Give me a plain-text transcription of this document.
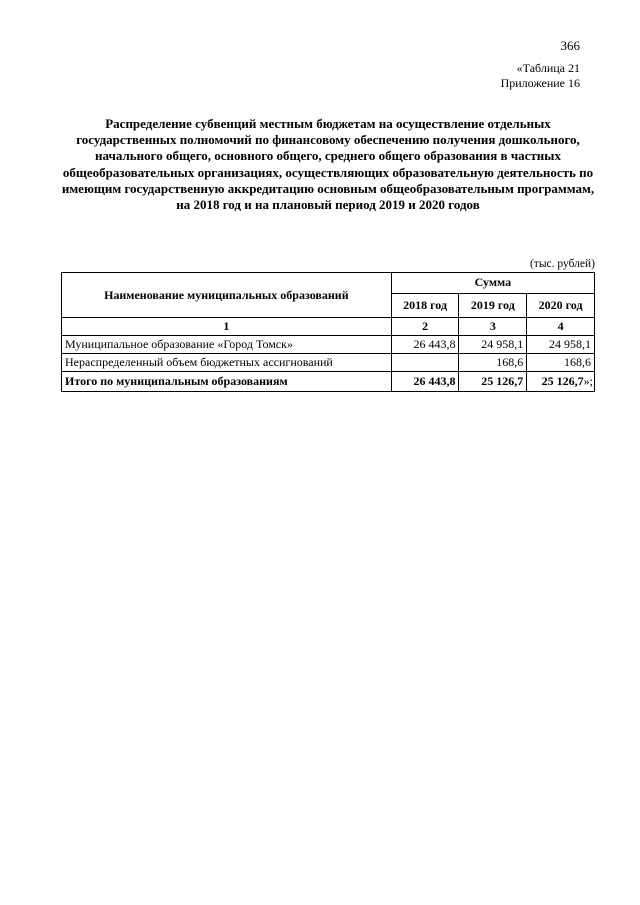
366
«Таблица 21
Приложение 16
Распределение субвенций местным бюджетам на осуществление отдельных государственных полномочий по финансовому обеспечению получения дошкольного, начального общего, основного общего, среднего общего образования в частных общеобразовательных организациях, осуществляющих образовательную деятельность по имеющим государственную аккредитацию основным общеобразовательным программам, на 2018 год и на плановый период 2019 и 2020 годов
(тыс. рублей)
Наименование муниципальных образований	Сумма		
	2018 год	2019 год	2020 год
1	2	3	4
Муниципальное образование «Город Томск»	26 443,8	24 958,1	24 958,1
Нераспределенный объем бюджетных ассигнований		168,6	168,6
Итого по муниципальным образованиям	26 443,8	25 126,7	25 126,7»;
